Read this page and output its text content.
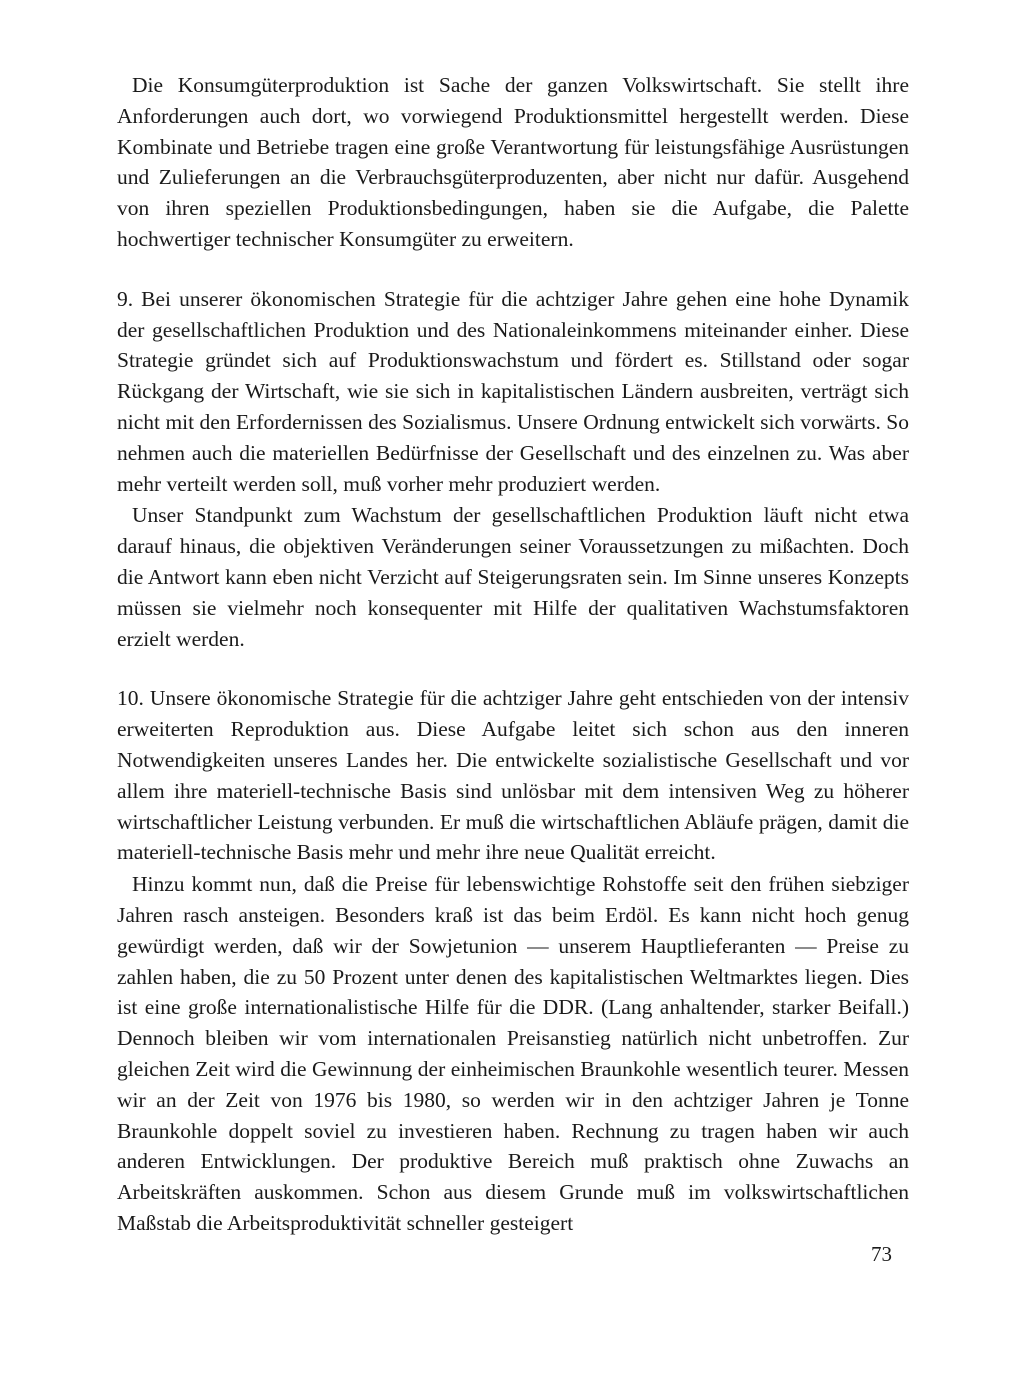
Die Konsumgüterproduktion ist Sache der ganzen Volkswirtschaft. Sie stellt ihre Anforderungen auch dort, wo vorwiegend Produktionsmittel hergestellt werden. Diese Kombinate und Betriebe tragen eine große Verantwortung für leistungsfähige Ausrüstungen und Zulieferungen an die Verbrauchsgüterproduzenten, aber nicht nur dafür. Ausgehend von ihren speziellen Produktionsbedingungen, haben sie die Aufgabe, die Palette hochwertiger technischer Konsumgüter zu erweitern.

9. Bei unserer ökonomischen Strategie für die achtziger Jahre gehen eine hohe Dynamik der gesellschaftlichen Produktion und des Nationaleinkommens miteinander einher. Diese Strategie gründet sich auf Produktionswachstum und fördert es. Stillstand oder sogar Rückgang der Wirtschaft, wie sie sich in kapitalistischen Ländern ausbreiten, verträgt sich nicht mit den Erfordernissen des Sozialismus. Unsere Ordnung entwickelt sich vorwärts. So nehmen auch die materiellen Bedürfnisse der Gesellschaft und des einzelnen zu. Was aber mehr verteilt werden soll, muß vorher mehr produziert werden.

Unser Standpunkt zum Wachstum der gesellschaftlichen Produktion läuft nicht etwa darauf hinaus, die objektiven Veränderungen seiner Voraussetzungen zu mißachten. Doch die Antwort kann eben nicht Verzicht auf Steigerungsraten sein. Im Sinne unseres Konzepts müssen sie vielmehr noch konsequenter mit Hilfe der qualitativen Wachstumsfaktoren erzielt werden.

10. Unsere ökonomische Strategie für die achtziger Jahre geht entschieden von der intensiv erweiterten Reproduktion aus. Diese Aufgabe leitet sich schon aus den inneren Notwendigkeiten unseres Landes her. Die entwickelte sozialistische Gesellschaft und vor allem ihre materiell-technische Basis sind unlösbar mit dem intensiven Weg zu höherer wirtschaftlicher Leistung verbunden. Er muß die wirtschaftlichen Abläufe prägen, damit die materiell-technische Basis mehr und mehr ihre neue Qualität erreicht.

Hinzu kommt nun, daß die Preise für lebenswichtige Rohstoffe seit den frühen siebziger Jahren rasch ansteigen. Besonders kraß ist das beim Erdöl. Es kann nicht hoch genug gewürdigt werden, daß wir der Sowjetunion — unserem Hauptlieferanten — Preise zu zahlen haben, die zu 50 Prozent unter denen des kapitalistischen Weltmarktes liegen. Dies ist eine große internationalistische Hilfe für die DDR. (Lang anhaltender, starker Beifall.) Dennoch bleiben wir vom internationalen Preisanstieg natürlich nicht unbetroffen. Zur gleichen Zeit wird die Gewinnung der einheimischen Braunkohle wesentlich teurer. Messen wir an der Zeit von 1976 bis 1980, so werden wir in den achtziger Jahren je Tonne Braunkohle doppelt soviel zu investieren haben. Rechnung zu tragen haben wir auch anderen Entwicklungen. Der produktive Bereich muß praktisch ohne Zuwachs an Arbeitskräften auskommen. Schon aus diesem Grunde muß im volkswirtschaftlichen Maßstab die Arbeitsproduktivität schneller gesteigert

73
